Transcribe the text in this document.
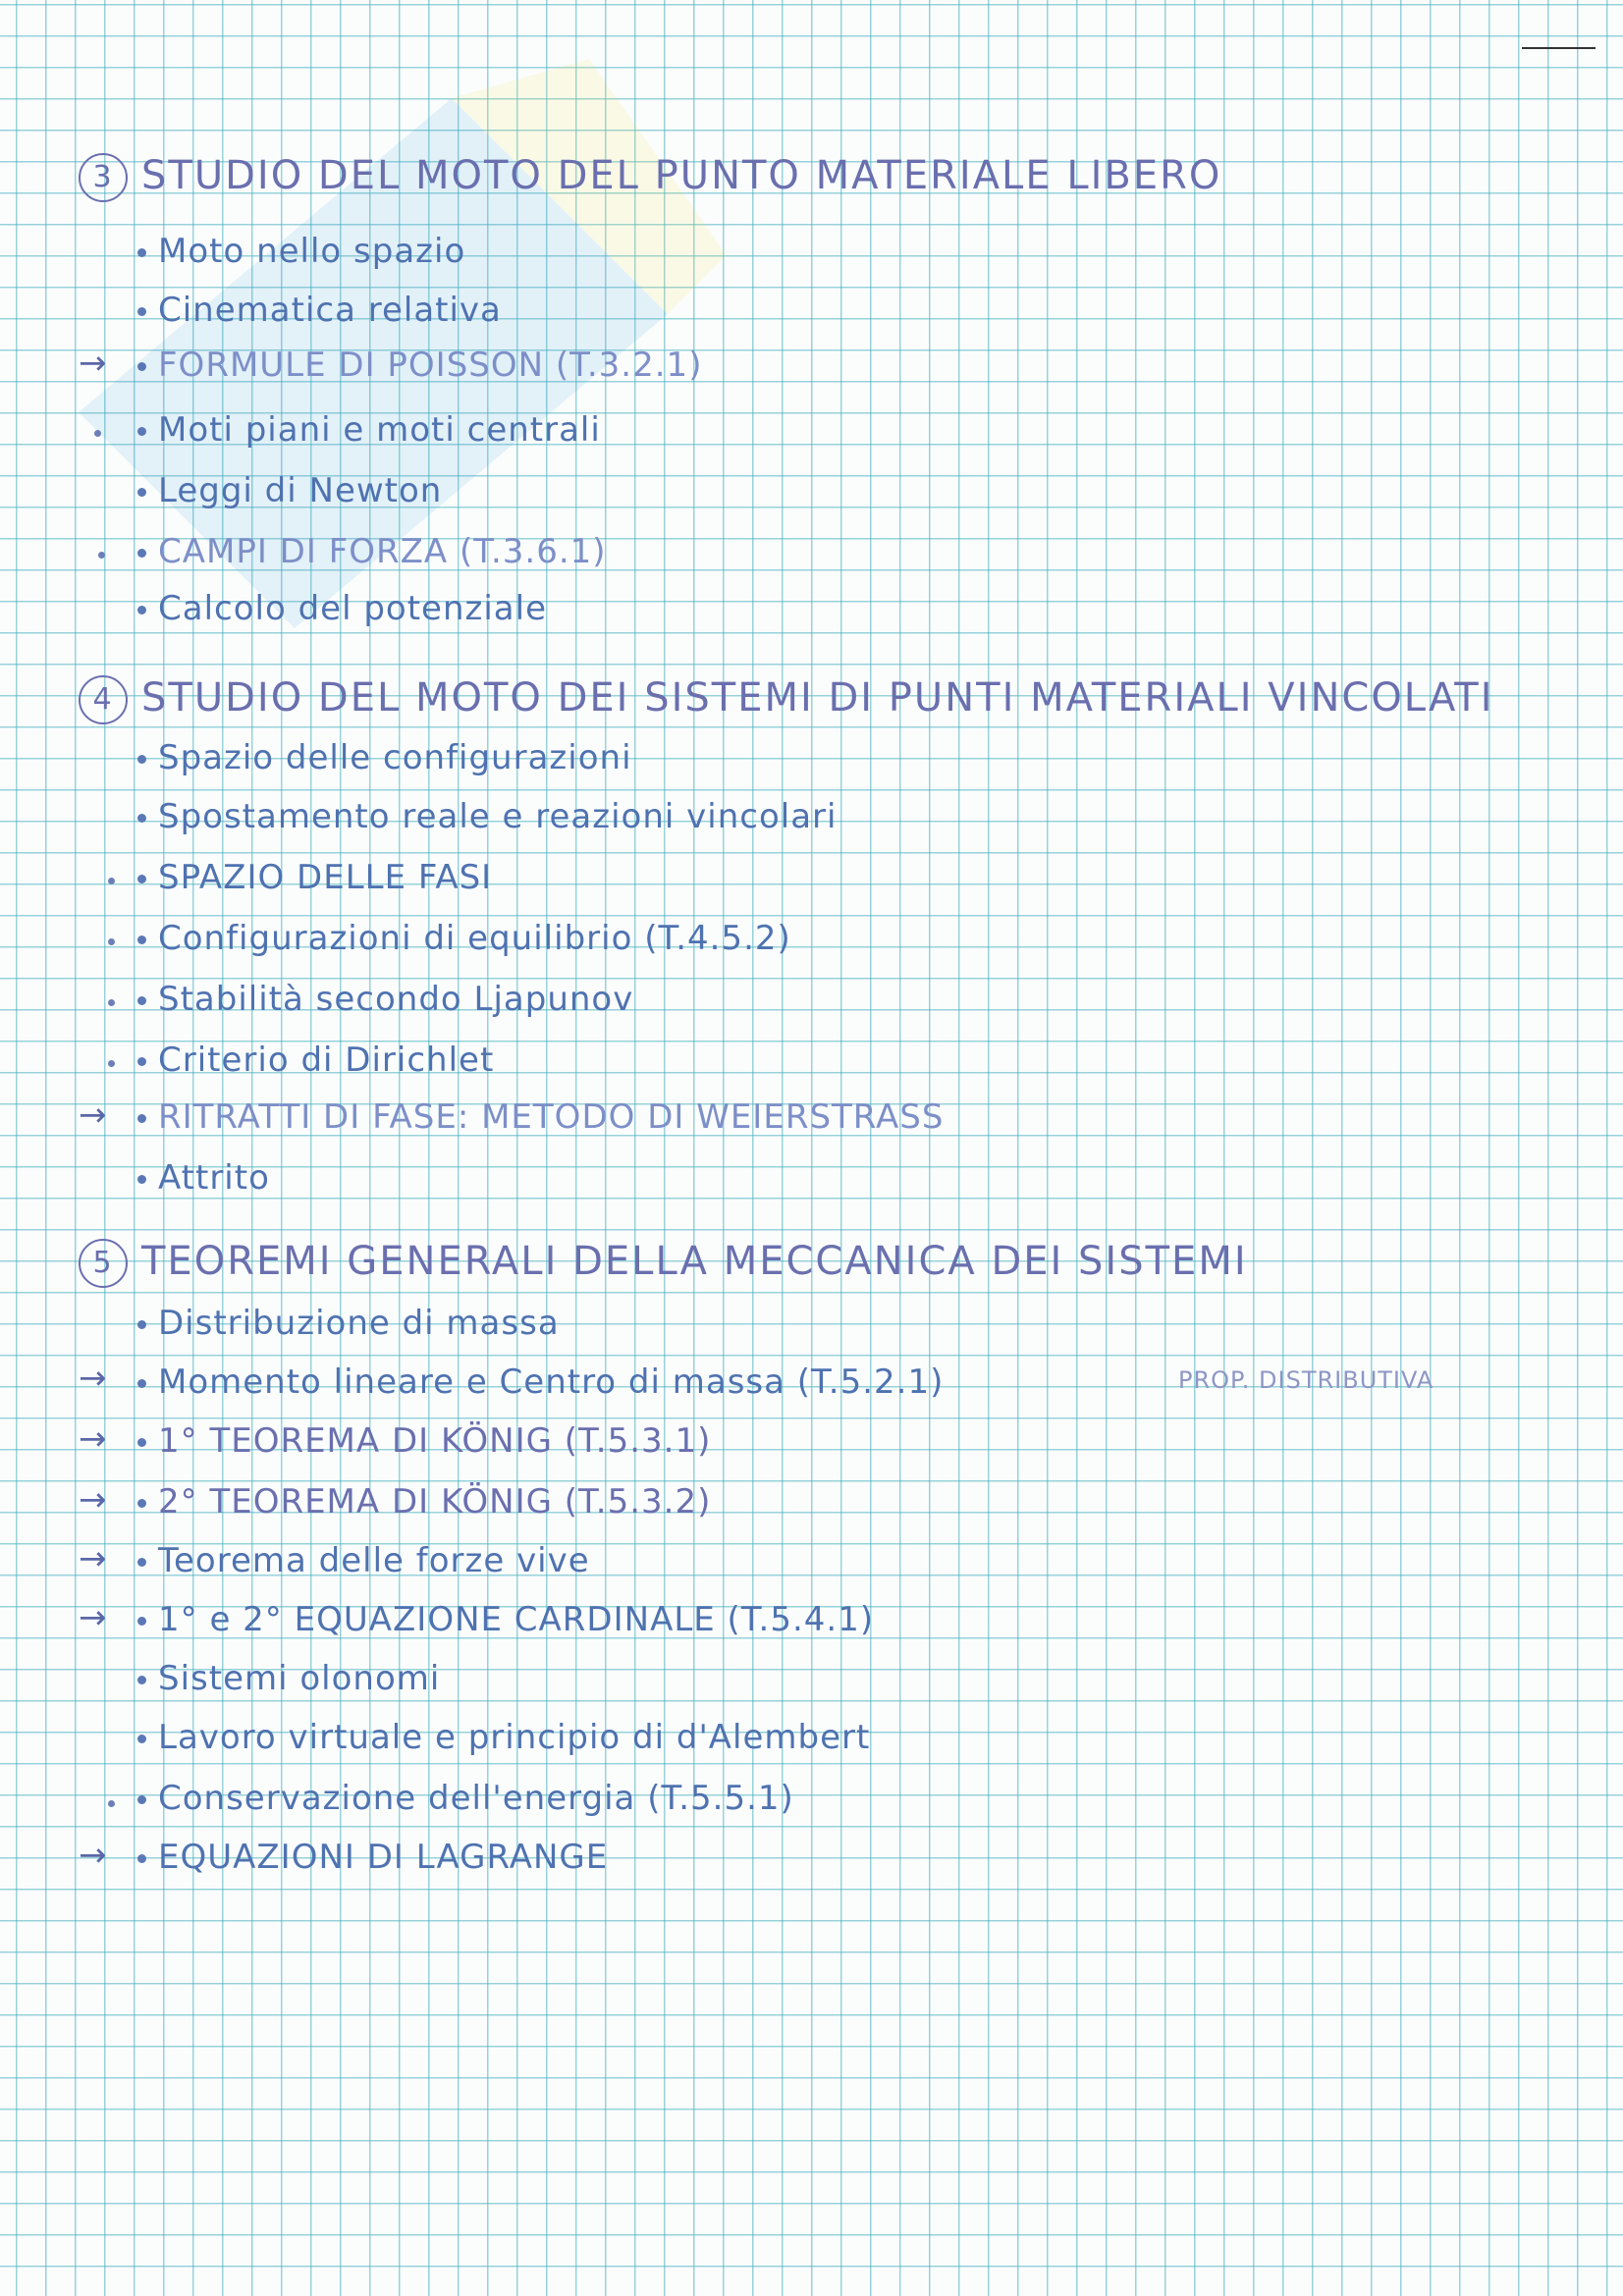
3 STUDIO DEL MOTO DEL PUNTO MATERIALE LIBERO
Moto nello spazio
Cinematica relativa
→	FORMULE DI POISSON (T.3.2.1)
Moti piani e moti centrali
Leggi di Newton
CAMPI DI FORZA (T.3.6.1)
Calcolo del potenziale
4 STUDIO DEL MOTO DEI SISTEMI DI PUNTI MATERIALI VINCOLATI
Spazio delle configurazioni
Spostamento reale e reazioni vincolari
SPAZIO DELLE FASI
Configurazioni di equilibrio (T.4.5.2)
Stabilità secondo Ljapunov
Criterio di Dirichlet
→	RITRATTI DI FASE: METODO DI WEIERSTRASS
Attrito
5 TEOREMI GENERALI DELLA MECCANICA DEI SISTEMI
Distribuzione di massa
→	Momento lineare e Centro di massa (T.5.2.1)	PROP. DISTRIBUTIVA
→	1° TEOREMA DI KÖNIG (T.5.3.1)
→	2° TEOREMA DI KÖNIG (T.5.3.2)
→	Teorema delle forze vive
→	1° e 2° EQUAZIONE CARDINALE (T.5.4.1)
Sistemi olonomi
Lavoro virtuale e principio di d'Alembert
Conservazione dell'energia (T.5.5.1)
→	EQUAZIONI DI LAGRANGE
